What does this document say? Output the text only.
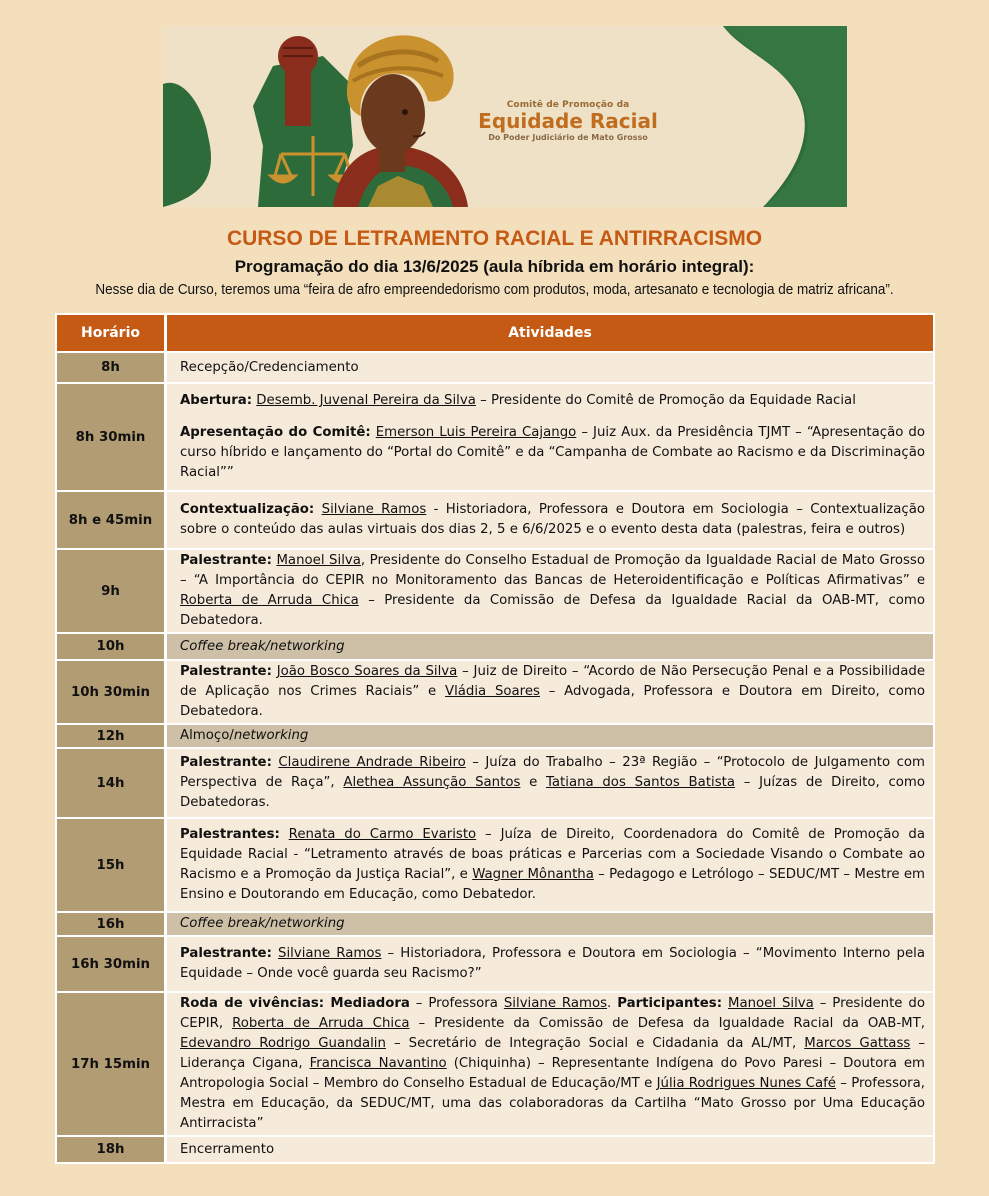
Comitê de Promoção da
Equidade Racial
Do Poder Judiciário de Mato Grosso
CURSO DE LETRAMENTO RACIAL E ANTIRRACISMO
Programação do dia 13/6/2025 (aula híbrida em horário integral):
Nesse dia de Curso, teremos uma “feira de afro empreendedorismo com produtos, moda, artesanato e tecnologia de matriz africana”.
Horário	Atividades
8h	Recepção/Credenciamento
8h 30min	Abertura: Desemb. Juvenal Pereira da Silva – Presidente do Comitê de Promoção da Equidade Racial

Apresentação do Comitê: Emerson Luis Pereira Cajango – Juiz Aux. da Presidência TJMT – “Apresentação do curso híbrido e lançamento do “Portal do Comitê” e da “Campanha de Combate ao Racismo e da Discriminação Racial””

8h e 45min	Contextualização: Silviane Ramos - Historiadora, Professora e Doutora em Sociologia – Contextualização sobre o conteúdo das aulas virtuais dos dias 2, 5 e 6/6/2025 e o evento desta data (palestras, feira e outros)
9h	Palestrante: Manoel Silva, Presidente do Conselho Estadual de Promoção da Igualdade Racial de Mato Grosso – “A Importância do CEPIR no Monitoramento das Bancas de Heteroidentificação e Políticas Afirmativas” e Roberta de Arruda Chica – Presidente da Comissão de Defesa da Igualdade Racial da OAB-MT, como Debatedora.
10h	Coffee break/networking
10h 30min	Palestrante: João Bosco Soares da Silva – Juiz de Direito – “Acordo de Não Persecução Penal e a Possibilidade de Aplicação nos Crimes Raciais” e Vládia Soares – Advogada, Professora e Doutora em Direito, como Debatedora.
12h	Almoço/networking
14h	Palestrante: Claudirene Andrade Ribeiro – Juíza do Trabalho – 23ª Região – “Protocolo de Julgamento com Perspectiva de Raça”, Alethea Assunção Santos e Tatiana dos Santos Batista – Juízas de Direito, como Debatedoras.
15h	Palestrantes: Renata do Carmo Evaristo – Juíza de Direito, Coordenadora do Comitê de Promoção da Equidade Racial - “Letramento através de boas práticas e Parcerias com a Sociedade Visando o Combate ao Racismo e a Promoção da Justiça Racial”, e Wagner Mônantha – Pedagogo e Letrólogo – SEDUC/MT – Mestre em Ensino e Doutorando em Educação, como Debatedor.
16h	Coffee break/networking
16h 30min	Palestrante: Silviane Ramos – Historiadora, Professora e Doutora em Sociologia – “Movimento Interno pela Equidade – Onde você guarda seu Racismo?”
17h 15min	Roda de vivências: Mediadora – Professora Silviane Ramos. Participantes: Manoel Silva – Presidente do CEPIR, Roberta de Arruda Chica – Presidente da Comissão de Defesa da Igualdade Racial da OAB-MT, Edevandro Rodrigo Guandalin – Secretário de Integração Social e Cidadania da AL/MT, Marcos Gattass – Liderança Cigana, Francisca Navantino (Chiquinha) – Representante Indígena do Povo Paresi – Doutora em Antropologia Social – Membro do Conselho Estadual de Educação/MT e Júlia Rodrigues Nunes Café – Professora, Mestra em Educação, da SEDUC/MT, uma das colaboradoras da Cartilha “Mato Grosso por Uma Educação Antirracista”
18h	Encerramento
